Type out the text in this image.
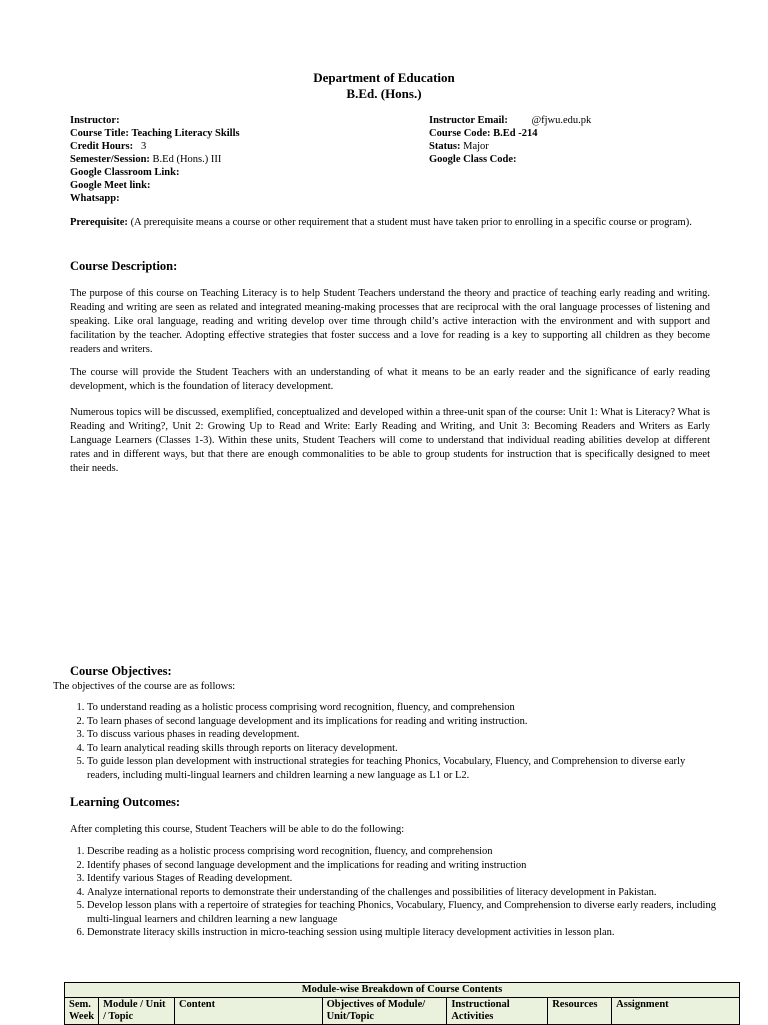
Department of Education
B.Ed. (Hons.)
Instructor:
Course Title: Teaching Literacy Skills
Credit Hours: 3
Semester/Session: B.Ed (Hons.) III
Google Classroom Link:
Google Meet link:
Whatsapp:
Instructor Email: @fjwu.edu.pk
Course Code: B.Ed -214
Status: Major
Google Class Code:
Prerequisite: (A prerequisite means a course or other requirement that a student must have taken prior to enrolling in a specific course or program).
Course Description:
The purpose of this course on Teaching Literacy is to help Student Teachers understand the theory and practice of teaching early reading and writing. Reading and writing are seen as related and integrated meaning-making processes that are reciprocal with the oral language processes of listening and speaking. Like oral language, reading and writing develop over time through child’s active interaction with the environment and with support and facilitation by the teacher. Adopting effective strategies that foster success and a love for reading is a key to supporting all children as they become readers and writers.
The course will provide the Student Teachers with an understanding of what it means to be an early reader and the significance of early reading development, which is the foundation of literacy development.
Numerous topics will be discussed, exemplified, conceptualized and developed within a three-unit span of the course: Unit 1: What is Literacy? What is Reading and Writing?, Unit 2: Growing Up to Read and Write: Early Reading and Writing, and Unit 3: Becoming Readers and Writers as Early Language Learners (Classes 1-3). Within these units, Student Teachers will come to understand that individual reading abilities develop at different rates and in different ways, but that there are enough commonalities to be able to group students for instruction that is specifically designed to meet their needs.
Course Objectives:
The objectives of the course are as follows:
1. To understand reading as a holistic process comprising word recognition, fluency, and comprehension
2. To learn phases of second language development and its implications for reading and writing instruction.
3. To discuss various phases in reading development.
4. To learn analytical reading skills through reports on literacy development.
5. To guide lesson plan development with instructional strategies for teaching Phonics, Vocabulary, Fluency, and Comprehension to diverse early readers, including multi-lingual learners and children learning a new language as L1 or L2.
Learning Outcomes:
After completing this course, Student Teachers will be able to do the following:
1. Describe reading as a holistic process comprising word recognition, fluency, and comprehension
2. Identify phases of second language development and the implications for reading and writing instruction
3. Identify various Stages of Reading development.
4. Analyze international reports to demonstrate their understanding of the challenges and possibilities of literacy development in Pakistan.
5. Develop lesson plans with a repertoire of strategies for teaching Phonics, Vocabulary, Fluency, and Comprehension to diverse early readers, including multi-lingual learners and children learning a new language
6. Demonstrate literacy skills instruction in micro-teaching session using multiple literacy development activities in lesson plan.
Module-wise Breakdown of Course Contents
Sem. Week	Module / Unit / Topic	Content	Objectives of Module/ Unit/Topic	Instructional Activities	Resources	Assignment
